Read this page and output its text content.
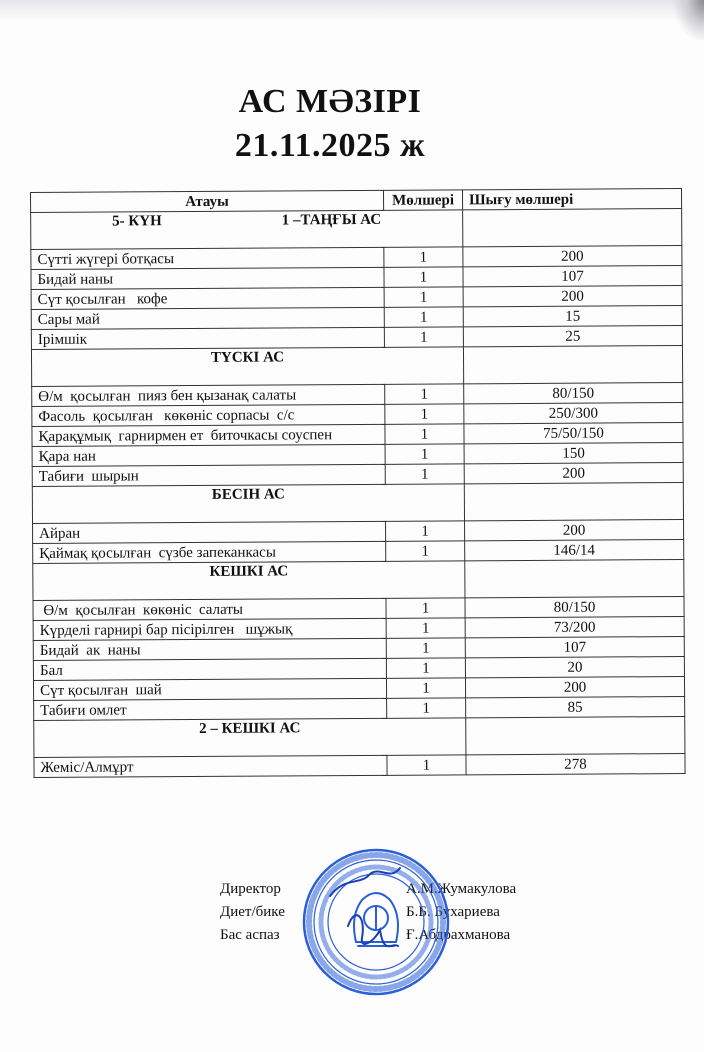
АС МӘЗІРІ
21.11.2025 ж
Атауы	Мөлшері	Шығу мөлшері
5- КҮН 1 –ТАҢҒЫ АС		
Сүтті жүгері ботқасы	1	200
Бидай наны	1	107
Сүт қосылған   кофе	1	200
Сары май	1	15
Ірімшік	1	25
ТҮСКІ АС		
Ө/м  қосылған  пияз бен қызанақ салаты	1	80/150
Фасоль  қосылған   көкөніс сорпасы  с/с	1	250/300
Қарақұмық  гарнирмен ет  биточкасы соуспен	1	75/50/150
Қара нан	1	150
Табиғи  шырын	1	200
БЕСІН АС		
Айран	1	200
Қаймақ қосылған  сүзбе запеканкасы	1	146/14
КЕШКІ АС		
Ө/м  қосылған  көкөніс  салаты	1	80/150
Күрделі гарнирі бар пісірілген   шұжық	1	73/200
Бидай  ак  наны	1	107
Бал	1	20
Сүт қосылған  шай	1	200
Табиғи омлет	1	85
2 – КЕШКІ АС		
Жеміс/Алмұрт	1	278
Директор	А.М.Жумакулова
Диет/бике	Б.Б. Бухариева
Бас аспаз	Ғ.Абдрахманова
